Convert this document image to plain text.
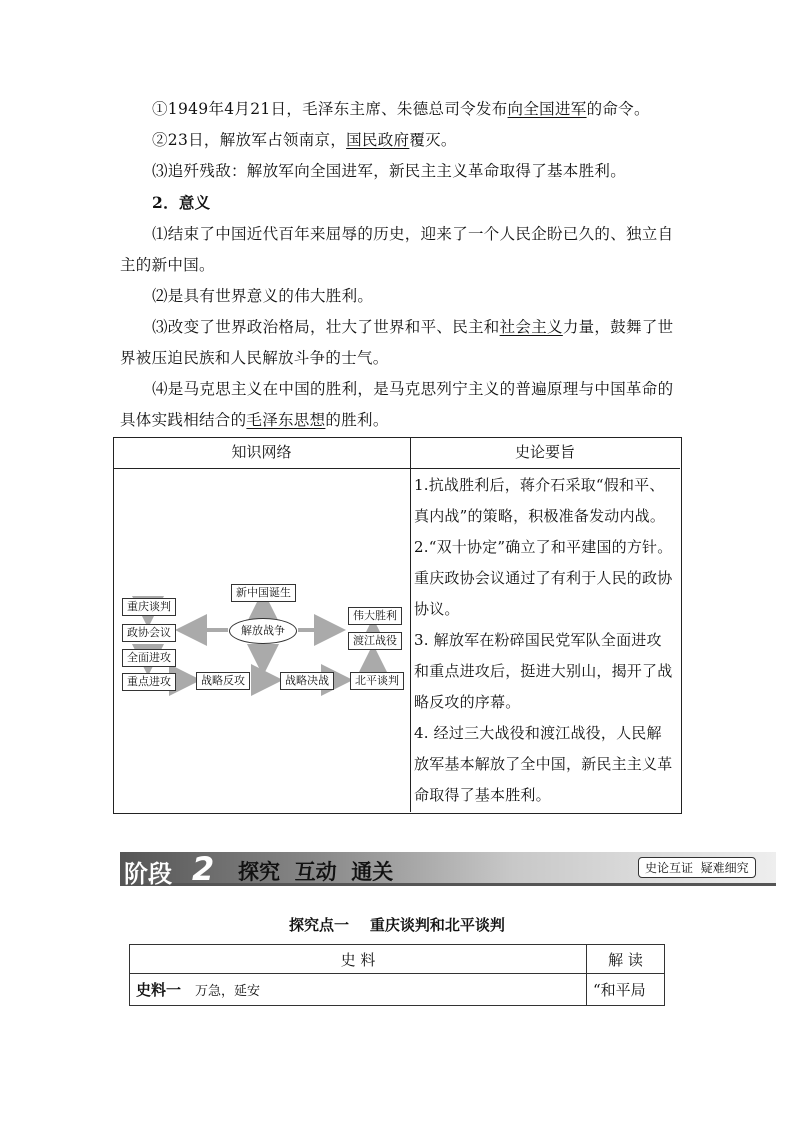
①1949年4月21日，毛泽东主席、朱德总司令发布向全国进军的命令。
②23日，解放军占领南京，国民政府覆灭。
⑶追歼残敌：解放军向全国进军，新民主主义革命取得了基本胜利。
2．意义
⑴结束了中国近代百年来屈辱的历史，迎来了一个人民企盼已久的、独立自主的新中国。
⑵是具有世界意义的伟大胜利。
⑶改变了世界政治格局，壮大了世界和平、民主和社会主义力量，鼓舞了世界被压迫民族和人民解放斗争的士气。
⑷是马克思主义在中国的胜利，是马克思列宁主义的普遍原理与中国革命的具体实践相结合的毛泽东思想的胜利。
知识网络	史论要旨
新中国诞生
解放战争
重庆谈判
政协会议
全面进攻
重点进攻
伟大胜利
渡江战役
战略反攻	战略决战	北平谈判
1.抗战胜利后，蒋介石采取“假和平、真内战”的策略，积极准备发动内战。
2.“双十协定”确立了和平建国的方针。重庆政协会议通过了有利于人民的政协协议。
3. 解放军在粉碎国民党军队全面进攻和重点进攻后，挺进大别山，揭开了战略反攻的序幕。
4. 经过三大战役和渡江战役，人民解放军基本解放了全中国，新民主主义革命取得了基本胜利。
阶段 2 探究  互动  通关	史论互证  疑难细究
探究点一    重庆谈判和北平谈判
史 料	解 读
史料一 万急，延安	“和平局
